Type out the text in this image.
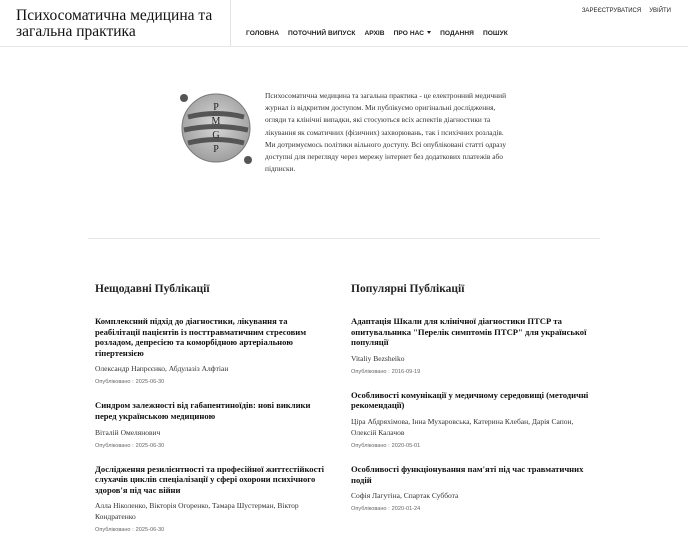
Психосоматична медицина та загальна практика	ГОЛОВНА ПОТОЧНИЙ ВИПУСК АРХІВ ПРО НАС	ПОДАННЯ ПОШУК
ЗАРЕЄСТРУВАТИСЯ УВІЙТИ
P
M
G
P

Психосоматична медицина та загальна практика - це електронний медичний журнал із відкритим доступом. Ми публікуємо оригінальні дослідження, огляди та клінічні випадки, які стосуються всіх аспектів діагностики та лікування як соматичних (фізичних) захворювань, так і психічних розладів. Ми дотримуємось політики вільного доступу. Всі опубліковані статті одразу доступні для перегляду через мережу інтернет без додаткових платежів або підписки.

Нещодавні Публікації
Комплексний підхід до діагностики, лікування та реабілітації пацієнтів із посттравматичним стресовим розладом, депресією та коморбідною артеріальною гіпертензією
Олександр Напрєєнко, Абдулазіз Алфтіан
Опубліковано : 2025-06-30
Синдром залежності від габапентиноїдів: нові виклики перед українською медициною
Віталій Омелянович
Опубліковано : 2025-06-30
Дослідження резилієнтності та професійної життєстійкості слухачів циклів спеціалізації у сфері охорони психічного здоров'я під час війни
Алла Ніколенко, Вікторія Огоренко, Тамара Шустерман, Віктор Кондратенко
Опубліковано : 2025-06-30
Популярні Публікації
Адаптація Шкали для клінічної діагностики ПТСР та опитувальника "Перелік симптомів ПТСР" для української популяції
Vitaliy Bezsheiko
Опубліковано : 2016-09-19
Особливості комунікації у медичному середовищі (методичні рекомендації)
Ціра Абдряхімова, Інна Мухаровська, Катерина Клебан, Дарія Сапон, Олексій Калачов
Опубліковано : 2020-05-01
Особливості функціонування пам'яті під час травматичних подій
Софія Лагутіна, Спартак Субботa
Опубліковано : 2020-01-24
